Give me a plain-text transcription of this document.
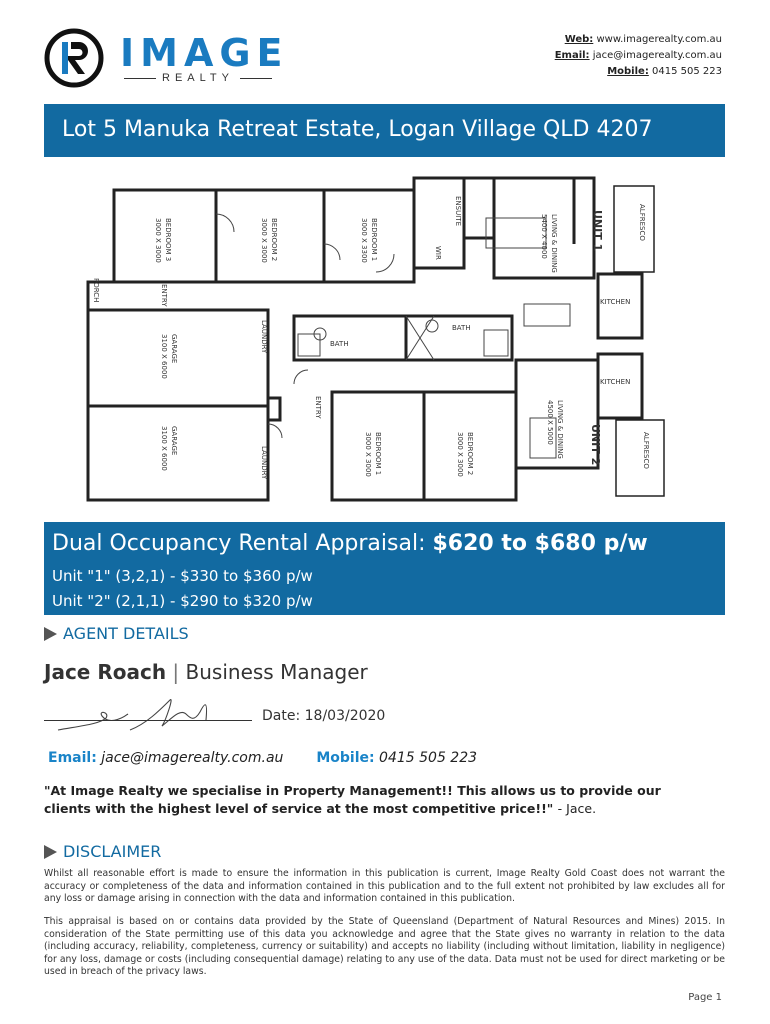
IMAGE
REALTY
Web: www.imagerealty.com.au
Email: jace@imagerealty.com.au
Mobile: 0415 505 223
Lot 5 Manuka Retreat Estate, Logan Village QLD 4207
BEDROOM 3
3000 X 3000	BEDROOM 2
3000 X 3000	BEDROOM 1
3000 X 3300
ENSUITE
WIR	LIVING & DINING
5400 X 4000	UNIT 1	ALFRESCO
KITCHEN
PORCH	ENTRY
GARAGE
3100 X 6000	LAUNDRY	BATH
BATH
KITCHEN
GARAGE
3100 X 6000	LAUNDRY
ENTRY
BEDROOM 1
3000 X 3000	BEDROOM 2
3000 X 3000	LIVING & DINING
4500 X 5000	UNIT 2	ALFRESCO
Dual Occupancy Rental Appraisal: $620 to $680 p/w
Unit "1" (3,2,1) - $330 to $360 p/w
Unit "2" (2,1,1) - $290 to $320 p/w
AGENT DETAILS
Jace Roach | Business Manager
Date: 18/03/2020
Email: jace@imagerealty.com.au Mobile: 0415 505 223
"At Image Realty we specialise in Property Management!! This allows us to provide our clients with the highest level of service at the most competitive price!!" - Jace.
DISCLAIMER
Whilst all reasonable effort is made to ensure the information in this publication is current, Image Realty Gold Coast does not warrant the accuracy or completeness of the data and information contained in this publication and to the full extent not prohibited by law excludes all for any loss or damage arising in connection with the data and information contained in this publication.
This appraisal is based on or contains data provided by the State of Queensland (Department of Natural Resources and Mines) 2015. In consideration of the State permitting use of this data you acknowledge and agree that the State gives no warranty in relation to the data (including accuracy, reliability, completeness, currency or suitability) and accepts no liability (including without limitation, liability in negligence) for any loss, damage or costs (including consequential damage) relating to any use of the data. Data must not be used for direct marketing or be used in breach of the privacy laws.
Page 1
